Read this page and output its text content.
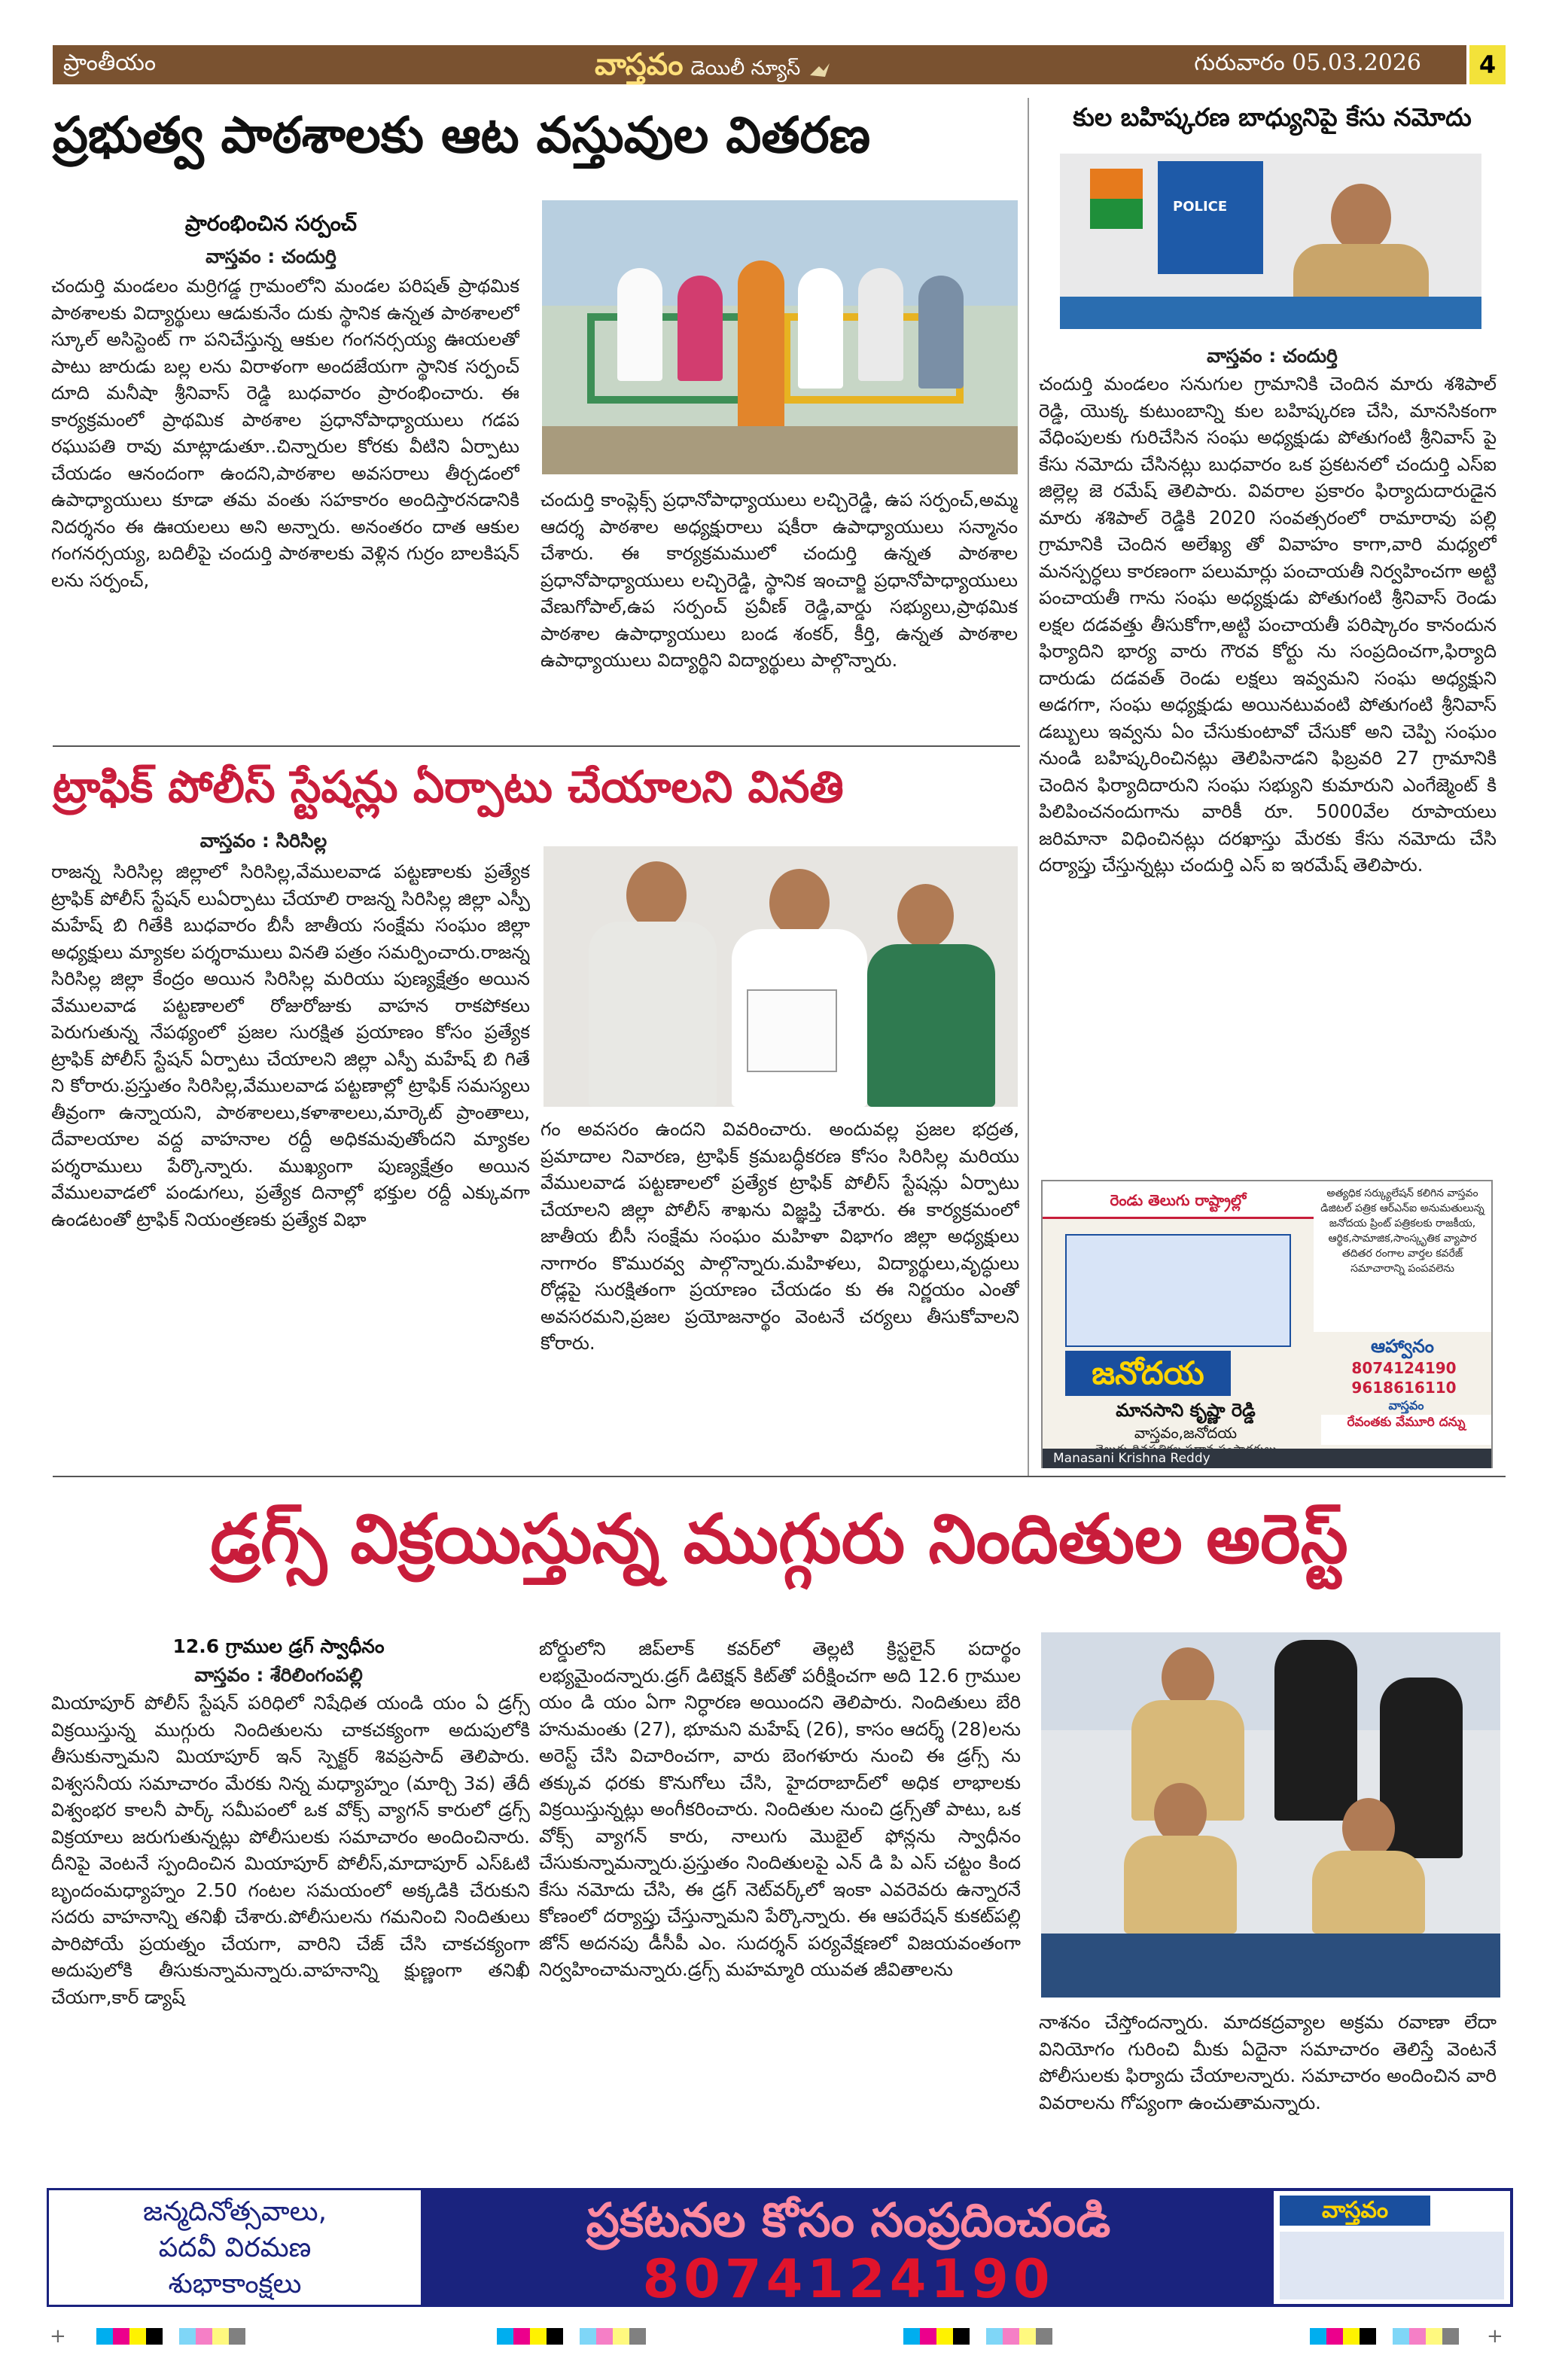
ప్రాంతీయం	వాస్తవం డెయిలీ న్యూస్	గురువారం 05.03.2026	4
ప్రభుత్వ పాఠశాలకు ఆట వస్తువుల వితరణ
ప్రారంభించిన సర్పంచ్
వాస్తవం : చందుర్తి
చందుర్తి మండలం మర్రిగడ్డ గ్రామంలోని మండల పరిషత్ ప్రాథమిక పాఠశాలకు విద్యార్థులు ఆడుకునేం దుకు స్థానిక ఉన్నత పాఠశాలలో స్కూల్ అసిస్టెంట్ గా పనిచేస్తున్న ఆకుల గంగనర్సయ్య ఊయలతో పాటు జారుడు బల్ల లను విరాళంగా అందజేయగా స్థానిక సర్పంచ్ దూది మనీషా శ్రీనివాస్ రెడ్డి బుధవారం ప్రారంభించారు. ఈ కార్యక్రమంలో ప్రాథమిక పాఠశాల ప్రధానోపాధ్యాయులు గడప రఘుపతి రావు మాట్లాడుతూ..చిన్నారుల కోరకు వీటిని ఏర్పాటు చేయడం ఆనందంగా ఉందని,పాఠశాల అవసరాలు తీర్చడంలో ఉపాధ్యాయులు కూడా తమ వంతు సహకారం అందిస్తారనడానికి నిదర్శనం ఈ ఊయలలు అని అన్నారు. అనంతరం దాత ఆకుల గంగనర్సయ్య, బదిలీపై చందుర్తి పాఠశాలకు వెళ్లిన గుర్రం బాలకిషన్ లను సర్పంచ్,
చందుర్తి కాంప్లెక్స్ ప్రధానోపాధ్యాయులు లచ్చిరెడ్డి, ఉప సర్పంచ్,అమ్మ ఆదర్శ పాఠశాల అధ్యక్షురాలు షకీరా ఉపాధ్యాయులు సన్మానం చేశారు. ఈ కార్యక్రమములో చందుర్తి ఉన్నత పాఠశాల ప్రధానోపాధ్యాయులు లచ్చిరెడ్డి, స్థానిక ఇంచార్జి ప్రధానోపాధ్యాయులు వేణుగోపాల్,ఉప సర్పంచ్ ప్రవీణ్ రెడ్డి,వార్డు సభ్యులు,ప్రాథమిక పాఠశాల ఉపాధ్యాయులు బండ శంకర్, కీర్తి, ఉన్నత పాఠశాల ఉపాధ్యాయులు విద్యార్థిని విద్యార్థులు పాల్గొన్నారు.
కుల బహిష్కరణ బాధ్యునిపై కేసు నమోదు
POLICE
వాస్తవం : చందుర్తి
చందుర్తి మండలం సనుగుల గ్రామానికి చెందిన మారు శశిపాల్ రెడ్డి, యొక్క కుటుంబాన్ని కుల బహిష్కరణ చేసి, మానసికంగా వేధింపులకు గురిచేసిన సంఘ అధ్యక్షుడు పోతుగంటి శ్రీనివాస్ పై కేసు నమోదు చేసినట్లు బుధవారం ఒక ప్రకటనలో చందుర్తి ఎస్ఐ జిల్లెల్ల జె రమేష్ తెలిపారు. వివరాల ప్రకారం ఫిర్యాదుదారుడైన మారు శశిపాల్ రెడ్డికి 2020 సంవత్సరంలో రామారావు పల్లి గ్రామానికి చెందిన అలేఖ్య తో వివాహం కాగా,వారి మధ్యలో మనస్పర్ధలు కారణంగా పలుమార్లు పంచాయతీ నిర్వహించగా అట్టి పంచాయతీ గాను సంఘ అధ్యక్షుడు పోతుగంటి శ్రీనివాస్ రెండు లక్షల దడవత్తు తీసుకోగా,అట్టి పంచాయతీ పరిష్కారం కానందున ఫిర్యాదిని భార్య వారు గౌరవ కోర్టు ను సంప్రదించగా,ఫిర్యాది దారుడు దడవత్ రెండు లక్షలు ఇవ్వమని సంఘ అధ్యక్షుని అడగగా, సంఘ అధ్యక్షుడు అయినటువంటి పోతుగంటి శ్రీనివాస్ డబ్బులు ఇవ్వను ఏం చేసుకుంటావో చేసుకో అని చెప్పి సంఘం నుండి బహిష్కరించినట్లు తెలిపినాడని ఫిబ్రవరి 27 గ్రామానికి చెందిన ఫిర్యాదిదారుని సంఘ సభ్యుని కుమారుని ఎంగేజ్మెంట్ కి పిలిపించనందుగాను వారికీ రూ. 5000వేల రూపాయలు జరిమానా విధించినట్లు దరఖాస్తు మేరకు కేసు నమోదు చేసి దర్యాప్తు చేస్తున్నట్లు చందుర్తి ఎస్ ఐ ఇరమేష్ తెలిపారు.
ట్రాఫిక్ పోలీస్ స్టేషన్లు ఏర్పాటు చేయాలని వినతి
వాస్తవం : సిరిసిల్ల
రాజన్న సిరిసిల్ల జిల్లాలో సిరిసిల్ల,వేములవాడ పట్టణాలకు ప్రత్యేక ట్రాఫిక్ పోలీస్ స్టేషన్ లుఏర్పాటు చేయాలి రాజన్న సిరిసిల్ల జిల్లా ఎస్పీ మహేష్ బి గితేకి బుధవారం బీసీ జాతీయ సంక్షేమ సంఘం జిల్లా అధ్యక్షులు మ్యాకల పర్శరాములు వినతి పత్రం సమర్పించారు.రాజన్న సిరిసిల్ల జిల్లా కేంద్రం అయిన సిరిసిల్ల మరియు పుణ్యక్షేత్రం అయిన వేములవాడ పట్టణాలలో రోజురోజుకు వాహన రాకపోకలు పెరుగుతున్న నేపథ్యంలో ప్రజల సురక్షిత ప్రయాణం కోసం ప్రత్యేక ట్రాఫిక్ పోలీస్ స్టేషన్ ఏర్పాటు చేయాలని జిల్లా ఎస్పీ మహేష్ బి గితే ని కోరారు.ప్రస్తుతం సిరిసిల్ల,వేములవాడ పట్టణాల్లో ట్రాఫిక్ సమస్యలు తీవ్రంగా ఉన్నాయని, పాఠశాలలు,కళాశాలలు,మార్కెట్ ప్రాంతాలు, దేవాలయాల వద్ద వాహనాల రద్దీ అధికమవుతోందని మ్యాకల పర్శరాములు పేర్కొన్నారు. ముఖ్యంగా పుణ్యక్షేత్రం అయిన వేములవాడలో పండుగలు, ప్రత్యేక దినాల్లో భక్తుల రద్దీ ఎక్కువగా ఉండటంతో ట్రాఫిక్ నియంత్రణకు ప్రత్యేక విభా
గం అవసరం ఉందని వివరించారు. అందువల్ల ప్రజల భద్రత, ప్రమాదాల నివారణ, ట్రాఫిక్ క్రమబద్ధీకరణ కోసం సిరిసిల్ల మరియు వేములవాడ పట్టణాలలో ప్రత్యేక ట్రాఫిక్ పోలీస్ స్టేషన్లు ఏర్పాటు చేయాలని జిల్లా పోలీస్ శాఖను విజ్ఞప్తి చేశారు. ఈ కార్యక్రమంలో జాతీయ బీసీ సంక్షేమ సంఘం మహిళా విభాగం జిల్లా అధ్యక్షులు నాగారం కొమురవ్వ పాల్గొన్నారు.మహిళలు, విద్యార్థులు,వృద్ధులు రోడ్లపై సురక్షితంగా ప్రయాణం చేయడం కు ఈ నిర్ణయం ఎంతో అవసరమని,ప్రజల ప్రయోజనార్థం వెంటనే చర్యలు తీసుకోవాలని కోరారు.
రెండు తెలుగు రాష్ట్రాల్లో	అత్యధిక సర్క్యులేషన్ కలిగిన వాస్తవం డిజిటల్ పత్రిక ఆర్ఎన్ఐ అనుమతులున్న జనోదయ ప్రింట్ పత్రికలకు రాజకీయ, ఆర్థిక,సామాజిక,సాంస్కృతిక వ్యాపార తదితర రంగాల వార్తల కవరేజ్ సమాచారాన్ని పంపవలెను
ఆహ్వానం
8074124190
9618616110
జనోదయ
మానసాని కృష్ణా రెడ్డి
వాస్తవం,జనోదయ
వాస్తవం
రేవంతకు వేమూరి దన్ను
Manasani Krishna Reddy
డ్రగ్స్ విక్రయిస్తున్న ముగ్గురు నిందితుల అరెస్ట్
12.6 గ్రాముల డ్రగ్ స్వాధీనం
వాస్తవం : శేరిలింగంపల్లి
మియాపూర్ పోలీస్ స్టేషన్ పరిధిలో నిషేధిత యండి యం ఏ డ్రగ్స్ విక్రయిస్తున్న ముగ్గురు నిందితులను చాకచక్యంగా అదుపులోకి తీసుకున్నామని మియాపూర్ ఇన్ స్పెక్టర్ శివప్రసాద్ తెలిపారు. విశ్వసనీయ సమాచారం మేరకు నిన్న మధ్యాహ్నం (మార్చి 3వ) తేదీ విశ్వంభర కాలనీ పార్క్ సమీపంలో ఒక వోక్స్ వ్యాగన్ కారులో డ్రగ్స్ విక్రయాలు జరుగుతున్నట్లు పోలీసులకు సమాచారం అందించినారు. దీనిపై వెంటనే స్పందించిన మియాపూర్ పోలీస్,మాదాపూర్ ఎస్ఓటి బృందంమధ్యాహ్నం 2.50 గంటల సమయంలో అక్కడికి చేరుకుని సదరు వాహనాన్ని తనిఖీ చేశారు.పోలీసులను గమనించి నిందితులు పారిపోయే ప్రయత్నం చేయగా, వారిని చేజ్ చేసి చాకచక్యంగా అదుపులోకి తీసుకున్నామన్నారు.వాహనాన్ని క్షుణ్ణంగా తనిఖీ చేయగా,కార్ డ్యాష్
బోర్డులోని జిప్‌లాక్ కవర్‌లో తెల్లటి క్రిస్టలైన్ పదార్థం లభ్యమైందన్నారు.డ్రగ్ డిటెక్షన్ కిట్‌తో పరీక్షించగా అది 12.6 గ్రాముల యం డి యం ఏగా నిర్ధారణ అయిందని తెలిపారు. నిందితులు బేరి హనుమంతు (27), భూమని మహేష్ (26), కాసం ఆదర్శ్ (28)లను అరెస్ట్ చేసి విచారించగా, వారు బెంగళూరు నుంచి ఈ డ్రగ్స్ ను తక్కువ ధరకు కొనుగోలు చేసి, హైదరాబాద్‌లో అధిక లాభాలకు విక్రయిస్తున్నట్లు అంగీకరించారు. నిందితుల నుంచి డ్రగ్స్‌తో పాటు, ఒక వోక్స్ వ్యాగన్ కారు, నాలుగు మొబైల్ ఫోన్లను స్వాధీనం చేసుకున్నామన్నారు.ప్రస్తుతం నిందితులపై ఎన్ డి పి ఎస్ చట్టం కింద కేసు నమోదు చేసి, ఈ డ్రగ్ నెట్‌వర్క్‌లో ఇంకా ఎవరెవరు ఉన్నారనే కోణంలో దర్యాప్తు చేస్తున్నామని పేర్కొన్నారు. ఈ ఆపరేషన్ కుకట్‌పల్లి జోన్ అదనపు డీసీపీ ఎం. సుదర్శన్ పర్యవేక్షణలో విజయవంతంగా నిర్వహించామన్నారు.డ్రగ్స్ మహమ్మారి యువత జీవితాలను
నాశనం చేస్తోందన్నారు. మాదకద్రవ్యాల అక్రమ రవాణా లేదా వినియోగం గురించి మీకు ఏదైనా సమాచారం తెలిస్తే వెంటనే పోలీసులకు ఫిర్యాదు చేయాలన్నారు. సమాచారం అందించిన వారి వివరాలను గోప్యంగా ఉంచుతామన్నారు.
జన్మదినోత్సవాలు,
పదవీ విరమణ
శుభాకాంక్షలు
ప్రకటనల కోసం సంప్రదించండి
8074124190
వాస్తవం
+	+
